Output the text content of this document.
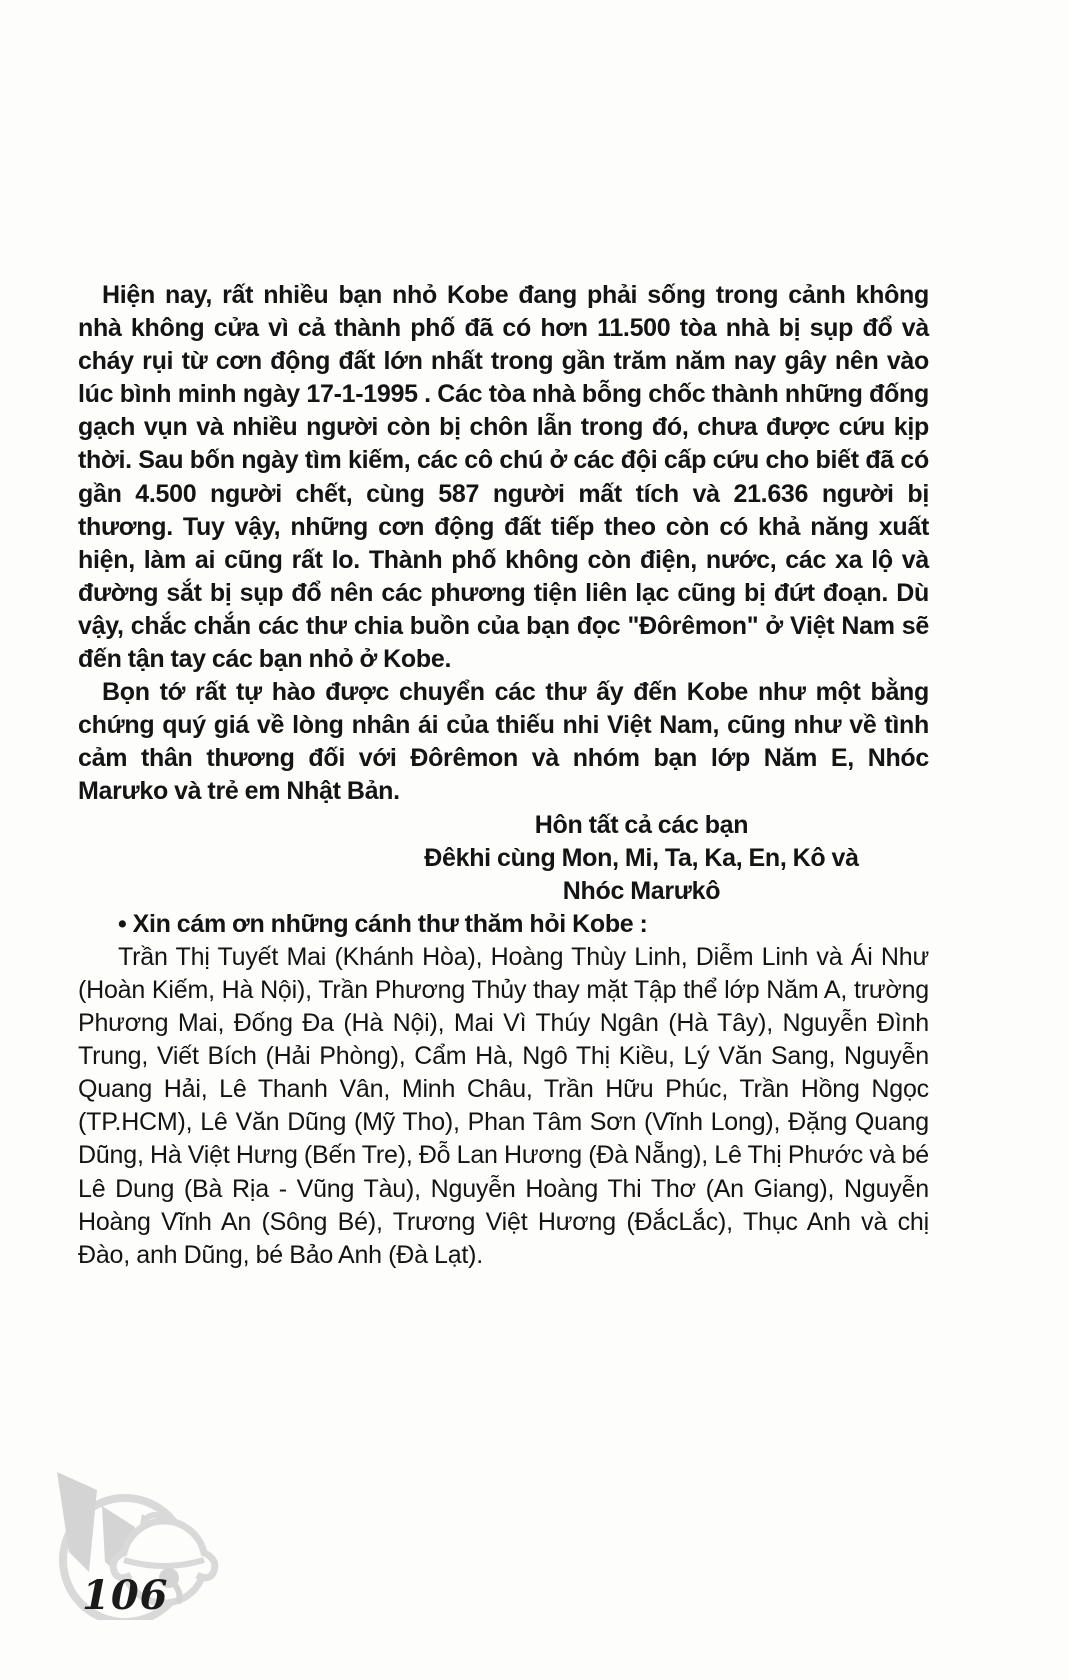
Hiện nay, rất nhiều bạn nhỏ Kobe đang phải sống trong cảnh không nhà không cửa vì cả thành phố đã có hơn 11.500 tòa nhà bị sụp đổ và cháy rụi từ cơn động đất lớn nhất trong gần trăm năm nay gây nên vào lúc bình minh ngày 17-1-1995 . Các tòa nhà bỗng chốc thành những đống gạch vụn và nhiều người còn bị chôn lẫn trong đó, chưa được cứu kịp thời. Sau bốn ngày tìm kiếm, các cô chú ở các đội cấp cứu cho biết đã có gần 4.500 người chết, cùng 587 người mất tích và 21.636 người bị thương. Tuy vậy, những cơn động đất tiếp theo còn có khả năng xuất hiện, làm ai cũng rất lo. Thành phố không còn điện, nước, các xa lộ và đường sắt bị sụp đổ nên các phương tiện liên lạc cũng bị đứt đoạn. Dù vậy, chắc chắn các thư chia buồn của bạn đọc "Đôrêmon" ở Việt Nam sẽ đến tận tay các bạn nhỏ ở Kobe.

Bọn tớ rất tự hào được chuyển các thư ấy đến Kobe như một bằng chứng quý giá về lòng nhân ái của thiếu nhi Việt Nam, cũng như về tình cảm thân thương đối với Đôrêmon và nhóm bạn lớp Năm E, Nhóc Marưko và trẻ em Nhật Bản.

Hôn tất cả các bạn
Đêkhi cùng Mon, Mi, Ta, Ka, En, Kô và
Nhóc Marưkô

• Xin cám ơn những cánh thư thăm hỏi Kobe :

Trần Thị Tuyết Mai (Khánh Hòa), Hoàng Thùy Linh, Diễm Linh và Ái Như (Hoàn Kiếm, Hà Nội), Trần Phương Thủy thay mặt Tập thể lớp Năm A, trường Phương Mai, Đống Đa (Hà Nội), Mai Vì Thúy Ngân (Hà Tây), Nguyễn Đình Trung, Viết Bích (Hải Phòng), Cẩm Hà, Ngô Thị Kiều, Lý Văn Sang, Nguyễn Quang Hải, Lê Thanh Vân, Minh Châu, Trần Hữu Phúc, Trần Hồng Ngọc (TP.HCM), Lê Văn Dũng (Mỹ Tho), Phan Tâm Sơn (Vĩnh Long), Đặng Quang Dũng, Hà Việt Hưng (Bến Tre), Đỗ Lan Hương (Đà Nẵng), Lê Thị Phước và bé Lê Dung (Bà Rịa - Vũng Tàu), Nguyễn Hoàng Thi Thơ (An Giang), Nguyễn Hoàng Vĩnh An (Sông Bé), Trương Việt Hương (ĐắcLắc), Thục Anh và chị Đào, anh Dũng, bé Bảo Anh (Đà Lạt).

106
